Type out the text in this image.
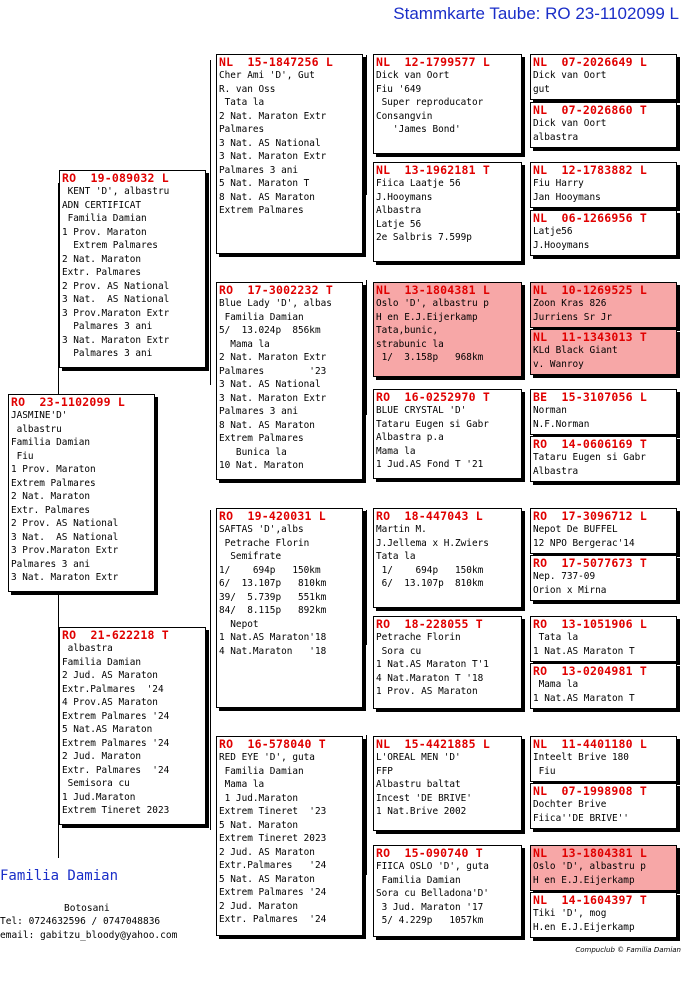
Stammkarte Taube: RO 23-1102099 L
RO  23-1102099 L
JASMINE'D'
albastru
Familia Damian
Fiu
1 Prov. Maraton
Extrem Palmares
2 Nat. Maraton
Extr. Palmares
2 Prov. AS National
3 Nat.  AS National
3 Prov.Maraton Extr
Palmares 3 ani
3 Nat. Maraton Extr
RO  19-089032 L
KENT 'D', albastru
ADN CERTIFICAT
Familia Damian
1 Prov. Maraton
Extrem Palmares
2 Nat. Maraton
Extr. Palmares
2 Prov. AS National
3 Nat.  AS National
3 Prov.Maraton Extr
Palmares 3 ani
3 Nat. Maraton Extr
Palmares 3 ani
RO  21-622218 T
albastra
Familia Damian
2 Jud. AS Maraton
Extr.Palmares  '24
4 Prov.AS Maraton
Extrem Palmares '24
5 Nat.AS Maraton
Extrem Palmares '24
2 Jud. Maraton
Extr. Palmares  '24
Semisora cu
1 Jud.Maraton
Extrem Tineret 2023
NL  15-1847256 L
Cher Ami 'D', Gut
R. van Oss
Tata la
2 Nat. Maraton Extr
Palmares
3 Nat. AS National
3 Nat. Maraton Extr
Palmares 3 ani
5 Nat. Maraton T
8 Nat. AS Maraton
Extrem Palmares
RO  17-3002232 T
Blue Lady 'D', albas
Familia Damian
5/  13.024p  856km
Mama la
2 Nat. Maraton Extr
Palmares        '23
3 Nat. AS National
3 Nat. Maraton Extr
Palmares 3 ani
8 Nat. AS Maraton
Extrem Palmares
Bunica la
10 Nat. Maraton
RO  19-420031 L
SAFTAS 'D',albs
Petrache Florin
Semifrate
1/    694p   150km
6/  13.107p   810km
39/  5.739p   551km
84/  8.115p   892km
Nepot
1 Nat.AS Maraton'18
4 Nat.Maraton   '18
RO  16-578040 T
RED EYE 'D', guta
Familia Damian
Mama la
1 Jud.Maraton
Extrem Tineret  '23
5 Nat. Maraton
Extrem Tineret 2023
2 Jud. AS Maraton
Extr.Palmares   '24
5 Nat. AS Maraton
Extrem Palmares '24
2 Jud. Maraton
Extr. Palmares  '24
NL  12-1799577 L
Dick van Oort
Fiu '649
Super reproducator
Consangvin
'James Bond'
NL  13-1962181 T
Fiica Laatje 56
J.Hooymans
Albastra
Latje 56
2e Salbris 7.599p
NL  13-1804381 L
Oslo 'D', albastru p
H en E.J.Eijerkamp
Tata,bunic,
strabunic la
1/  3.158p   968km
RO  16-0252970 T
BLUE CRYSTAL 'D'
Tataru Eugen si Gabr
Albastra p.a
Mama la
1 Jud.AS Fond T '21
RO  18-447043 L
Martin M.
J.Jellema x H.Zwiers
Tata la
1/    694p   150km
6/  13.107p  810km
RO  18-228055 T
Petrache Florin
Sora cu
1 Nat.AS Maraton T'1
4 Nat.Maraton T '18
1 Prov. AS Maraton
NL  15-4421885 L
L'OREAL MEN 'D'
FFP
Albastru baltat
Incest 'DE BRIVE'
1 Nat.Brive 2002
RO  15-090740 T
FIICA OSLO 'D', guta
Familia Damian
Sora cu Belladona'D'
3 Jud. Maraton '17
5/ 4.229p   1057km
NL  07-2026649 L
Dick van Oort
gut
NL  07-2026860 T
Dick van Oort
albastra
NL  12-1783882 L
Fiu Harry
Jan Hooymans
NL  06-1266956 T
Latje56
J.Hooymans
NL  10-1269525 L
Zoon Kras 826
Jurriens Sr Jr
NL  11-1343013 T
KLd Black Giant
v. Wanroy
BE  15-3107056 L
Norman
N.F.Norman
RO  14-0606169 T
Tataru Eugen si Gabr
Albastra
RO  17-3096712 L
Nepot De BUFFEL
12 NPO Bergerac'14
RO  17-5077673 T
Nep. 737-09
Orion x Mirna
RO  13-1051906 L
Tata la
1 Nat.AS Maraton T
RO  13-0204981 T
Mama la
1 Nat.AS Maraton T
NL  11-4401180 L
Inteelt Brive 180
Fiu
NL  07-1998908 T
Dochter Brive
Fiica''DE BRIVE''
NL  13-1804381 L
Oslo 'D', albastru p
H en E.J.Eijerkamp
NL  14-1604397 T
Tiki 'D', mog
H.en E.J.Eijerkamp
Familia Damian
Botosani
Tel: 0724632596 / 0747048836
email: gabitzu_bloody@yahoo.com
Compuclub © Familia Damian
